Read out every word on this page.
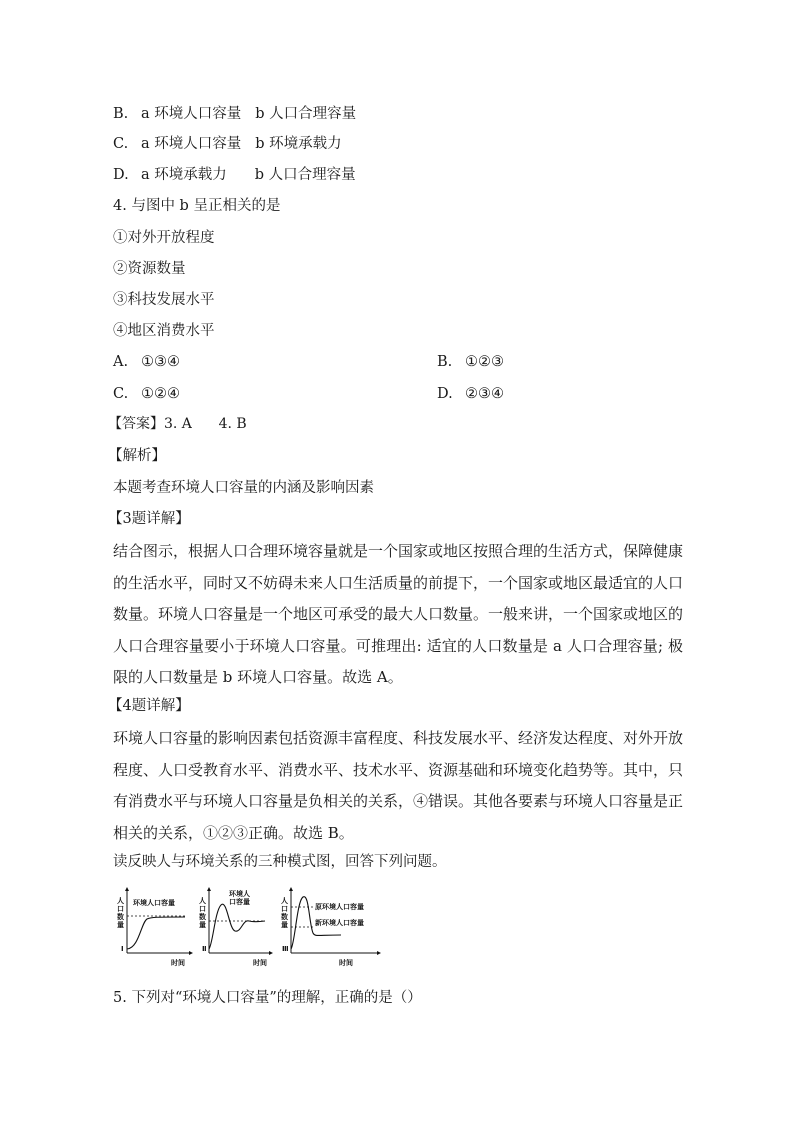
B. a 环境人口容量 b 人口合理容量
C. a 环境人口容量 b 环境承载力
D. a 环境承载力 b 人口合理容量
4. 与图中 b 呈正相关的是
①对外开放程度
②资源数量
③科技发展水平
④地区消费水平
A. ①③④	B. ①②③
C. ①②④	D. ②③④
【答案】3. A      4. B
【解析】
本题考查环境人口容量的内涵及影响因素
【3题详解】
结合图示，根据人口合理环境容量就是一个国家或地区按照合理的生活方式，保障健康的生活水平，同时又不妨碍未来人口生活质量的前提下，一个国家或地区最适宜的人口数量。环境人口容量是一个地区可承受的最大人口数量。一般来讲，一个国家或地区的人口合理容量要小于环境人口容量。可推理出: 适宜的人口数量是 a 人口合理容量; 极限的人口数量是 b 环境人口容量。故选 A。
【4题详解】
环境人口容量的影响因素包括资源丰富程度、科技发展水平、经济发达程度、对外开放程度、人口受教育水平、消费水平、技术水平、资源基础和环境变化趋势等。其中，只有消费水平与环境人口容量是负相关的关系，④错误。其他各要素与环境人口容量是正相关的关系，①②③正确。故选 B。
读反映人与环境关系的三种模式图，回答下列问题。
人
口
数
量
环境人口容量
Ⅰ
时间
人
口
数
量
环境人
口容量
Ⅱ
时间
人
口
数
量
原环境人口容量
新环境人口容量
Ⅲ
时间
5. 下列对“环境人口容量”的理解，正确的是（）
